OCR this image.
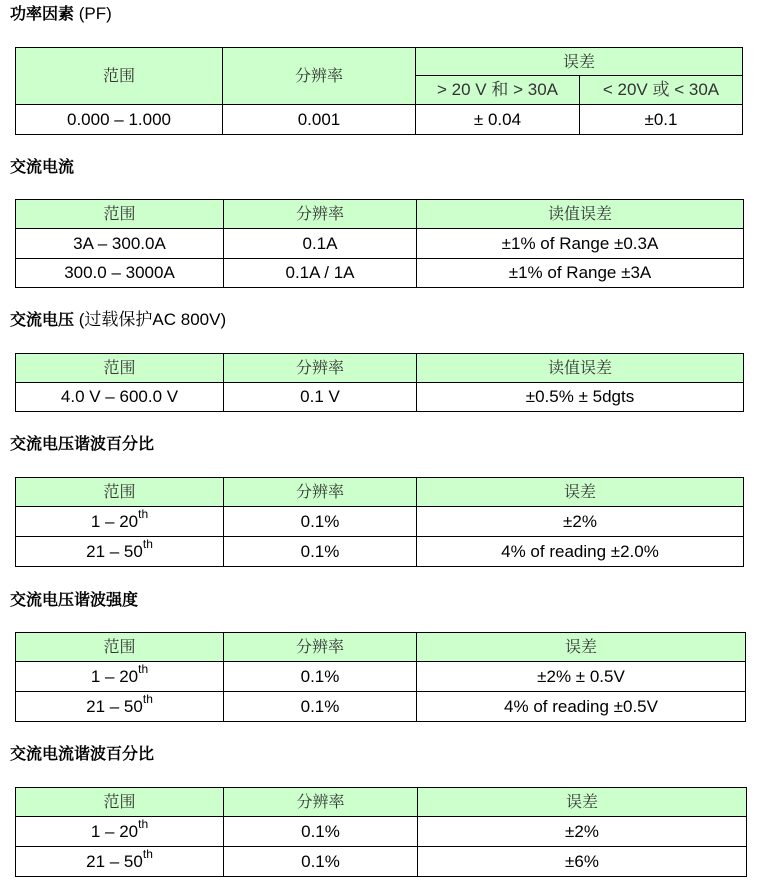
功率因素 (PF)
范围	分辨率	误差	
		> 20 V 和 > 30A	< 20V 或 < 30A
0.000 – 1.000	0.001	± 0.04	±0.1
交流电流
范围	分辨率	读值误差
3A – 300.0A	0.1A	±1% of Range ±0.3A
300.0 – 3000A	0.1A / 1A	±1% of Range ±3A
交流电压 (过载保护AC 800V)
范围	分辨率	读值误差
4.0 V – 600.0 V	0.1 V	±0.5% ± 5dgts
交流电压谐波百分比
范围	分辨率	误差
1 – 20th	0.1%	±2%
21 – 50th	0.1%	4% of reading ±2.0%
交流电压谐波强度
范围	分辨率	误差
1 – 20th	0.1%	±2% ± 0.5V
21 – 50th	0.1%	4% of reading ±0.5V
交流电流谐波百分比
范围	分辨率	误差
1 – 20th	0.1%	±2%
21 – 50th	0.1%	±6%
